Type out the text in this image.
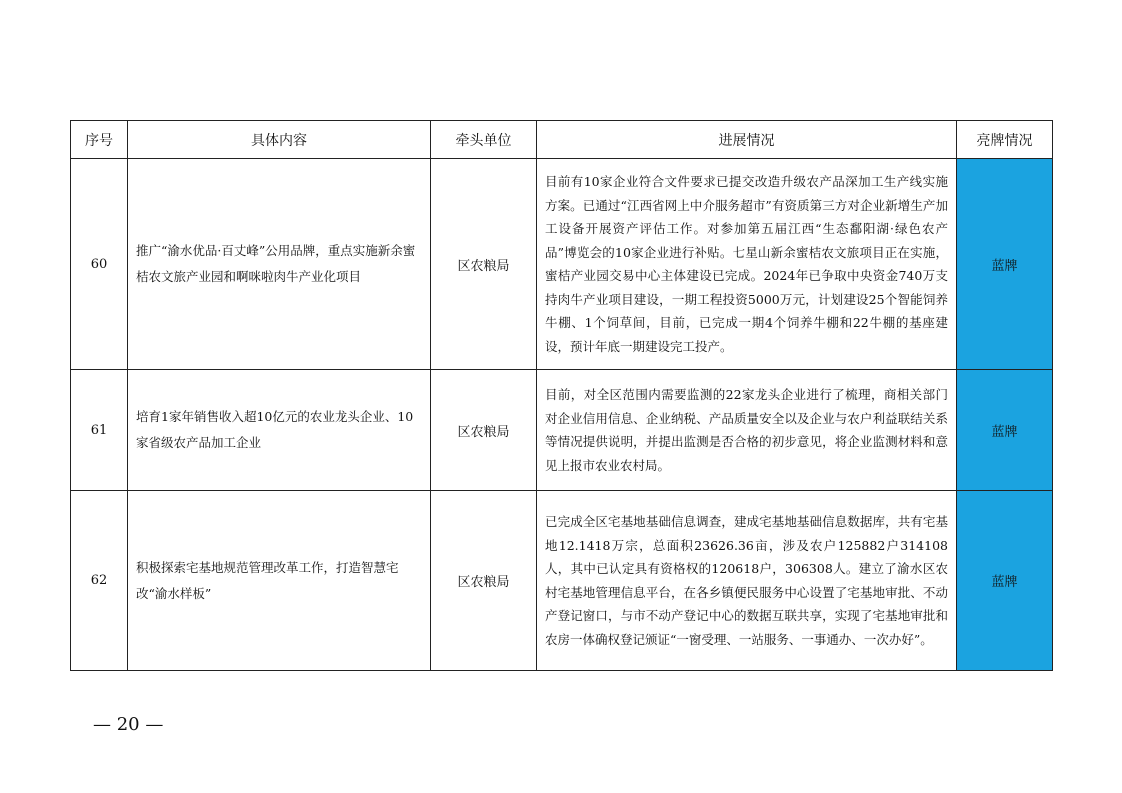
序号	具体内容	牵头单位	进展情况	亮牌情况
60	推广“渝水优品·百丈峰”公用品牌，重点实施新余蜜桔农文旅产业园和啊咪啦肉牛产业化项目	区农粮局	目前有10家企业符合文件要求已提交改造升级农产品深加工生产线实施方案。已通过“江西省网上中介服务超市”有资质第三方对企业新增生产加工设备开展资产评估工作。对参加第五届江西“生态鄱阳湖·绿色农产品”博览会的10家企业进行补贴。七星山新余蜜桔农文旅项目正在实施，蜜桔产业园交易中心主体建设已完成。2024年已争取中央资金740万支持肉牛产业项目建设，一期工程投资5000万元，计划建设25个智能饲养牛棚、1个饲草间，目前，已完成一期4个饲养牛棚和22牛棚的基座建设，预计年底一期建设完工投产。	蓝牌
61	培育1家年销售收入超10亿元的农业龙头企业、10家省级农产品加工企业	区农粮局	目前，对全区范围内需要监测的22家龙头企业进行了梳理，商相关部门对企业信用信息、企业纳税、产品质量安全以及企业与农户利益联结关系等情况提供说明，并提出监测是否合格的初步意见，将企业监测材料和意见上报市农业农村局。	蓝牌
62	积极探索宅基地规范管理改革工作，打造智慧宅改“渝水样板”	区农粮局	已完成全区宅基地基础信息调查，建成宅基地基础信息数据库，共有宅基地12.1418万宗，总面积23626.36亩，涉及农户125882户314108人，其中已认定具有资格权的120618户，306308人。建立了渝水区农村宅基地管理信息平台，在各乡镇便民服务中心设置了宅基地审批、不动产登记窗口，与市不动产登记中心的数据互联共享，实现了宅基地审批和农房一体确权登记颁证“一窗受理、一站服务、一事通办、一次办好”。	蓝牌
— 20 —
